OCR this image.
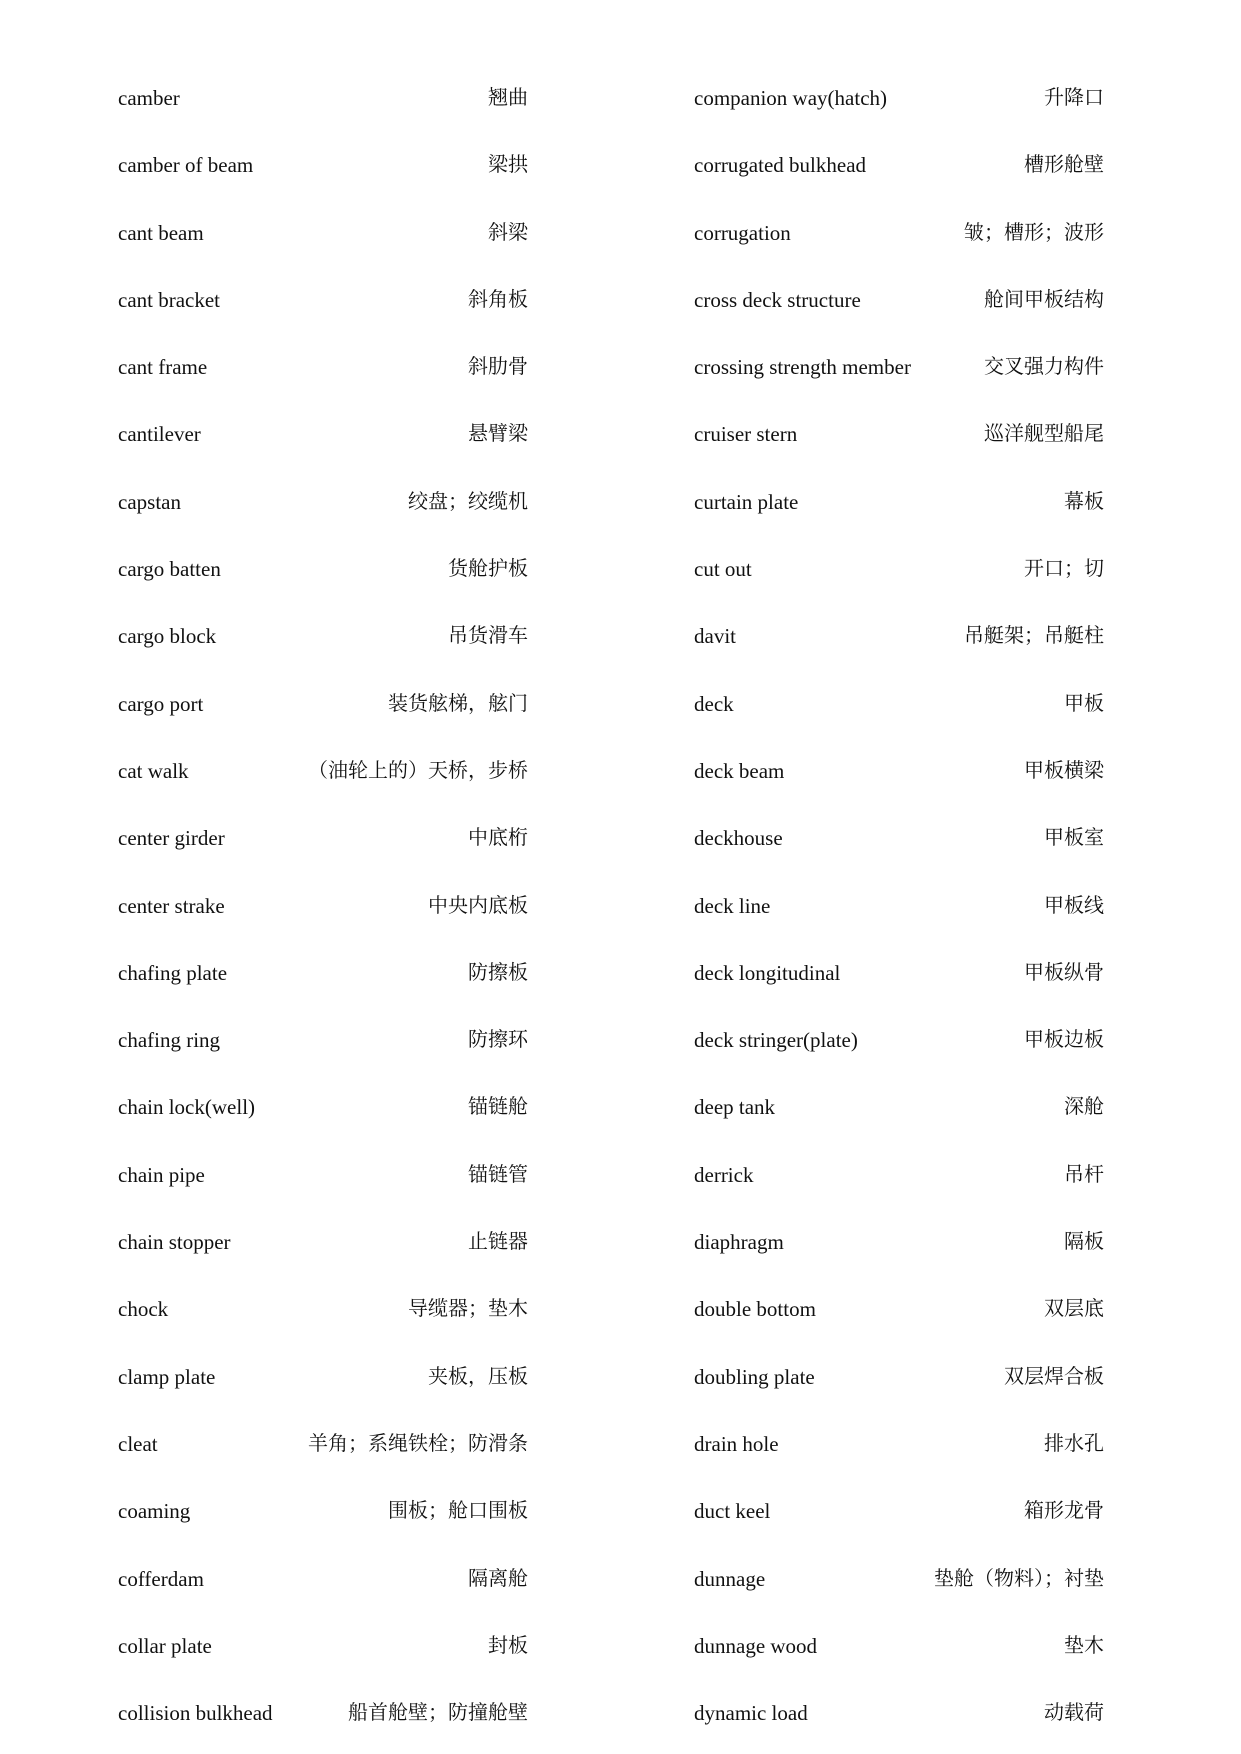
camber	翘曲
camber of beam	梁拱
cant beam	斜梁
cant bracket	斜角板
cant frame	斜肋骨
cantilever	悬臂梁
capstan	绞盘；绞缆机
cargo batten	货舱护板
cargo block	吊货滑车
cargo port	装货舷梯，舷门
cat walk	（油轮上的）天桥，步桥
center girder	中底桁
center strake	中央内底板
chafing plate	防擦板
chafing ring	防擦环
chain lock(well)	锚链舱
chain pipe	锚链管
chain stopper	止链器
chock	导缆器；垫木
clamp plate	夹板，压板
cleat	羊角；系绳铁栓；防滑条
coaming	围板；舱口围板
cofferdam	隔离舱
collar plate	封板
collision bulkhead	船首舱壁；防撞舱壁
companion way(hatch)	升降口
corrugated bulkhead	槽形舱壁
corrugation	皱；槽形；波形
cross deck structure	舱间甲板结构
crossing strength member	交叉强力构件
cruiser stern	巡洋舰型船尾
curtain plate	幕板
cut out	开口；切
davit	吊艇架；吊艇柱
deck	甲板
deck beam	甲板横梁
deckhouse	甲板室
deck line	甲板线
deck longitudinal	甲板纵骨
deck stringer(plate)	甲板边板
deep tank	深舱
derrick	吊杆
diaphragm	隔板
double bottom	双层底
doubling plate	双层焊合板
drain hole	排水孔
duct keel	箱形龙骨
dunnage	垫舱（物料）；衬垫
dunnage wood	垫木
dynamic load	动载荷
